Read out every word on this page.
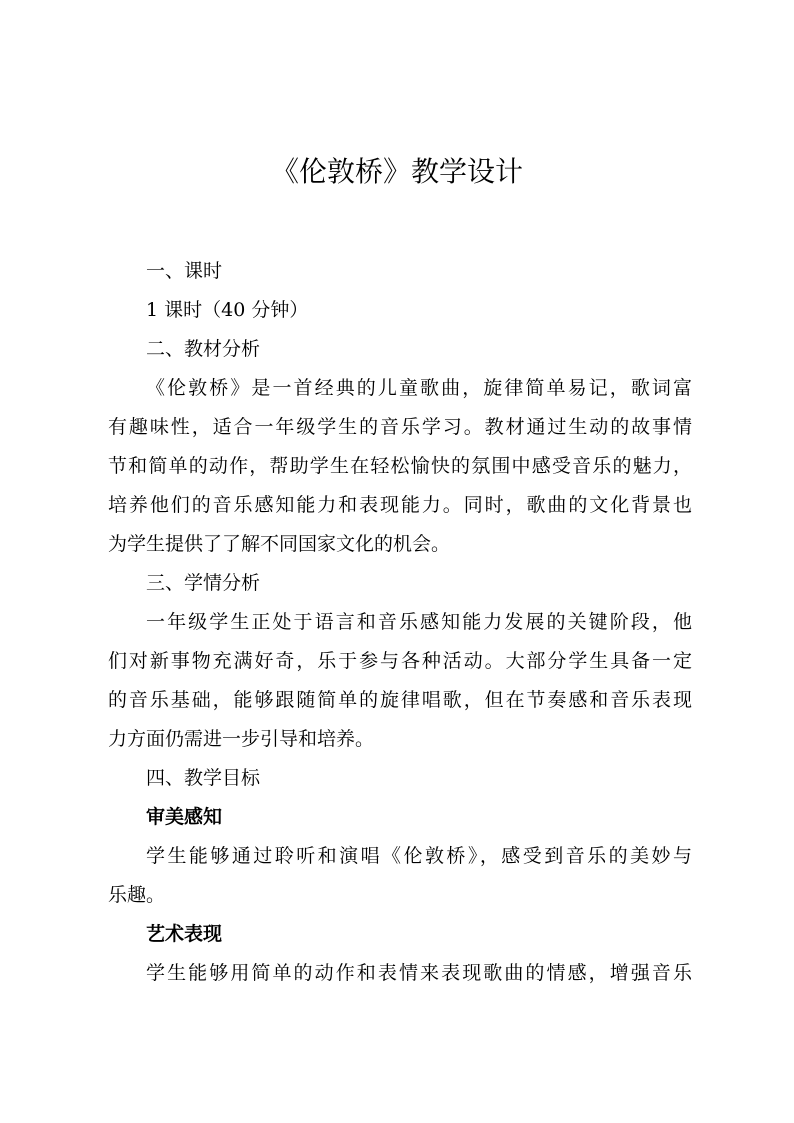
《伦敦桥》教学设计
一、课时

1 课时（40 分钟）

二、教材分析

《伦敦桥》是一首经典的儿童歌曲，旋律简单易记，歌词富

有趣味性，适合一年级学生的音乐学习。教材通过生动的故事情

节和简单的动作，帮助学生在轻松愉快的氛围中感受音乐的魅力，

培养他们的音乐感知能力和表现能力。同时，歌曲的文化背景也

为学生提供了了解不同国家文化的机会。

三、学情分析

一年级学生正处于语言和音乐感知能力发展的关键阶段，他

们对新事物充满好奇，乐于参与各种活动。大部分学生具备一定

的音乐基础，能够跟随简单的旋律唱歌，但在节奏感和音乐表现

力方面仍需进一步引导和培养。

四、教学目标
审美感知

学生能够通过聆听和演唱《伦敦桥》，感受到音乐的美妙与

乐趣。

艺术表现

学生能够用简单的动作和表情来表现歌曲的情感，增强音乐
